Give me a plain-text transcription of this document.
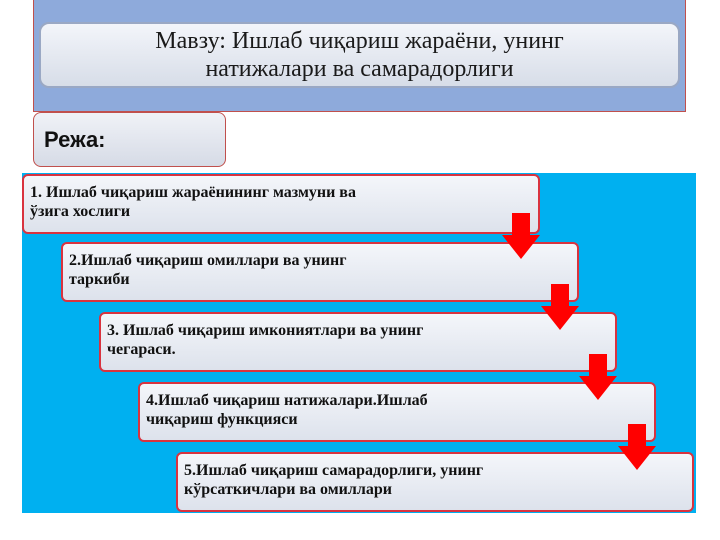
Мавзу: Ишлаб чиқариш жараёни, унинг
натижалари ва самарадорлиги
Режа:
1. Ишлаб чиқариш жараёнининг мазмуни ва
ўзига хослиги
2.Ишлаб чиқариш омиллари ва унинг
таркиби
3. Ишлаб чиқариш имкониятлари ва унинг
чегараси.
4.Ишлаб чиқариш натижалари.Ишлаб
чиқариш функцияси
5.Ишлаб чиқариш самарадорлиги, унинг
кўрсаткичлари ва омиллари
